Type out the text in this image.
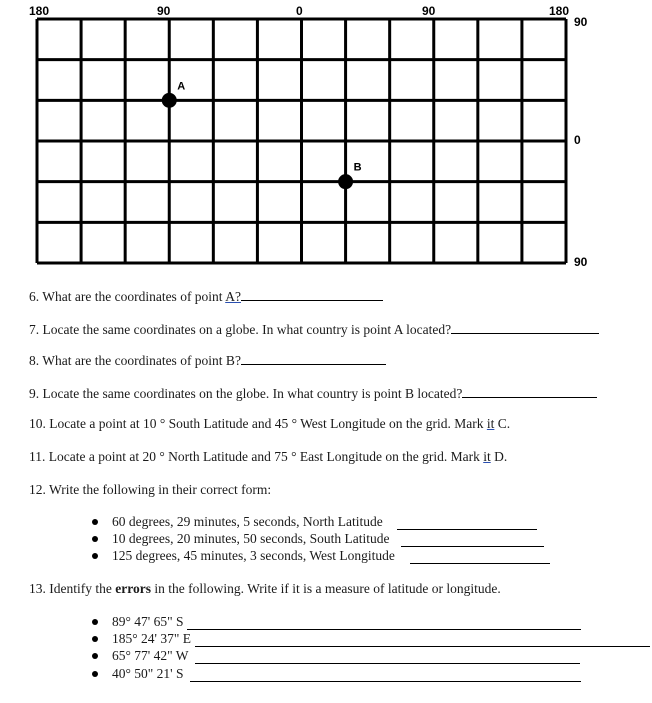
180	90	0	90	180
90
0
90
A
B
6. What are the coordinates of point A?
7. Locate the same coordinates on a globe. In what country is point A located?
8. What are the coordinates of point B?
9. Locate the same coordinates on the globe. In what country is point B located?
10. Locate a point at 10 ° South Latitude and 45 ° West Longitude on the grid. Mark it C.
11. Locate a point at 20 ° North Latitude and 75 ° East Longitude on the grid. Mark it D.
12. Write the following in their correct form:
60 degrees, 29 minutes, 5 seconds, North Latitude
10 degrees, 20 minutes, 50 seconds, South Latitude
125 degrees, 45 minutes, 3 seconds, West Longitude
13. Identify the errors in the following. Write if it is a measure of latitude or longitude.
89° 47' 65" S
185° 24' 37" E
65° 77' 42" W
40° 50" 21' S
